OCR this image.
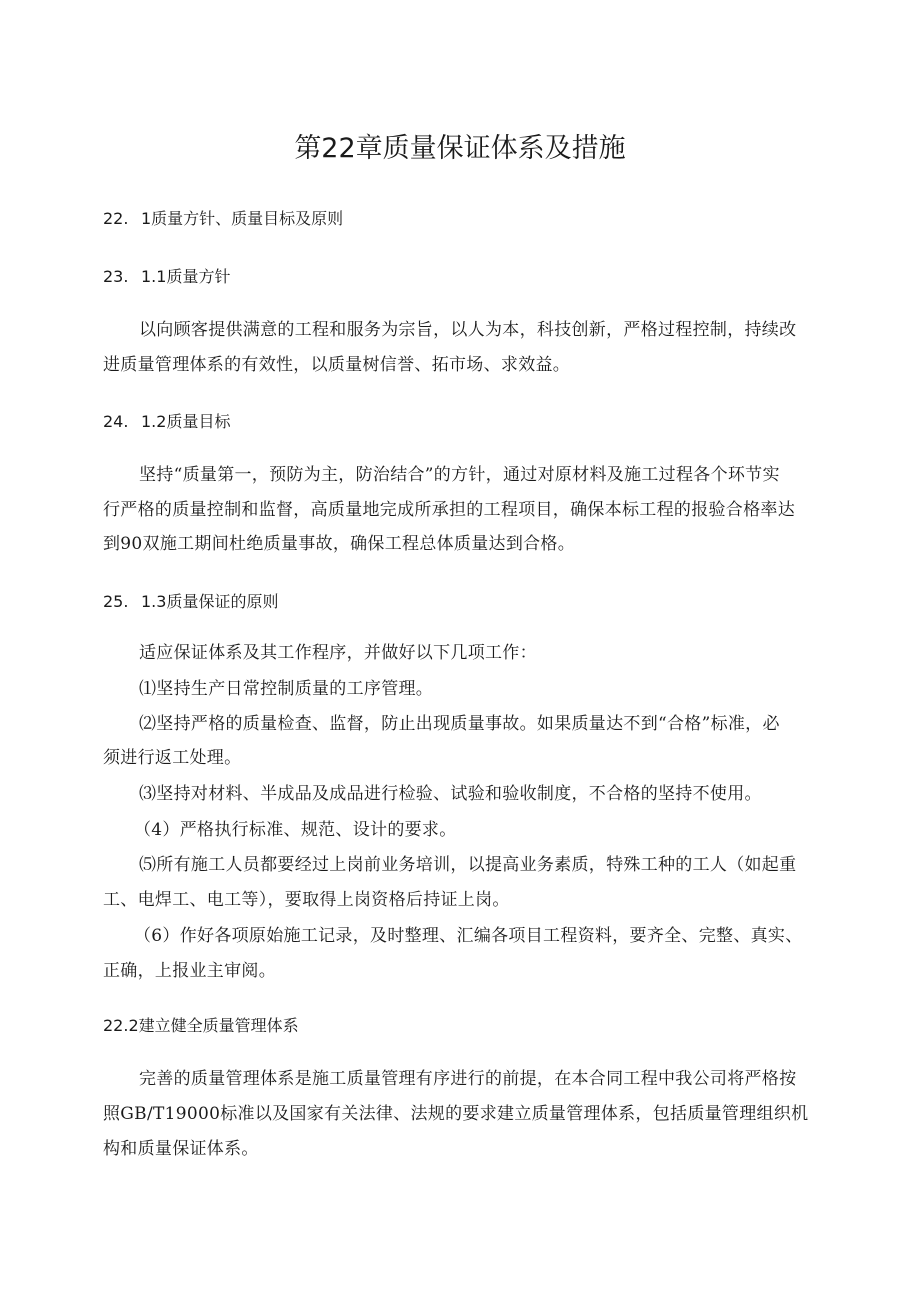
第22章质量保证体系及措施
22. 1质量方针、质量目标及原则
23. 1.1质量方针
以向顾客提供满意的工程和服务为宗旨，以人为本，科技创新，严格过程控制，持续改
进质量管理体系的有效性，以质量树信誉、拓市场、求效益。
24. 1.2质量目标
坚持“质量第一，预防为主，防治结合”的方针，通过对原材料及施工过程各个环节实
行严格的质量控制和监督，高质量地完成所承担的工程项目，确保本标工程的报验合格率达
到90双施工期间杜绝质量事故，确保工程总体质量达到合格。
25. 1.3质量保证的原则
适应保证体系及其工作程序，并做好以下几项工作：
⑴坚持生产日常控制质量的工序管理。
⑵坚持严格的质量检查、监督，防止出现质量事故。如果质量达不到“合格”标准，必
须进行返工处理。
⑶坚持对材料、半成品及成品进行检验、试验和验收制度，不合格的坚持不使用。
（4）严格执行标准、规范、设计的要求。
⑸所有施工人员都要经过上岗前业务培训，以提高业务素质，特殊工种的工人（如起重
工、电焊工、电工等），要取得上岗资格后持证上岗。
（6）作好各项原始施工记录，及时整理、汇编各项目工程资料，要齐全、完整、真实、
正确，上报业主审阅。
22.2建立健全质量管理体系
完善的质量管理体系是施工质量管理有序进行的前提，在本合同工程中我公司将严格按
照GB/T19000标准以及国家有关法律、法规的要求建立质量管理体系，包括质量管理组织机
构和质量保证体系。
